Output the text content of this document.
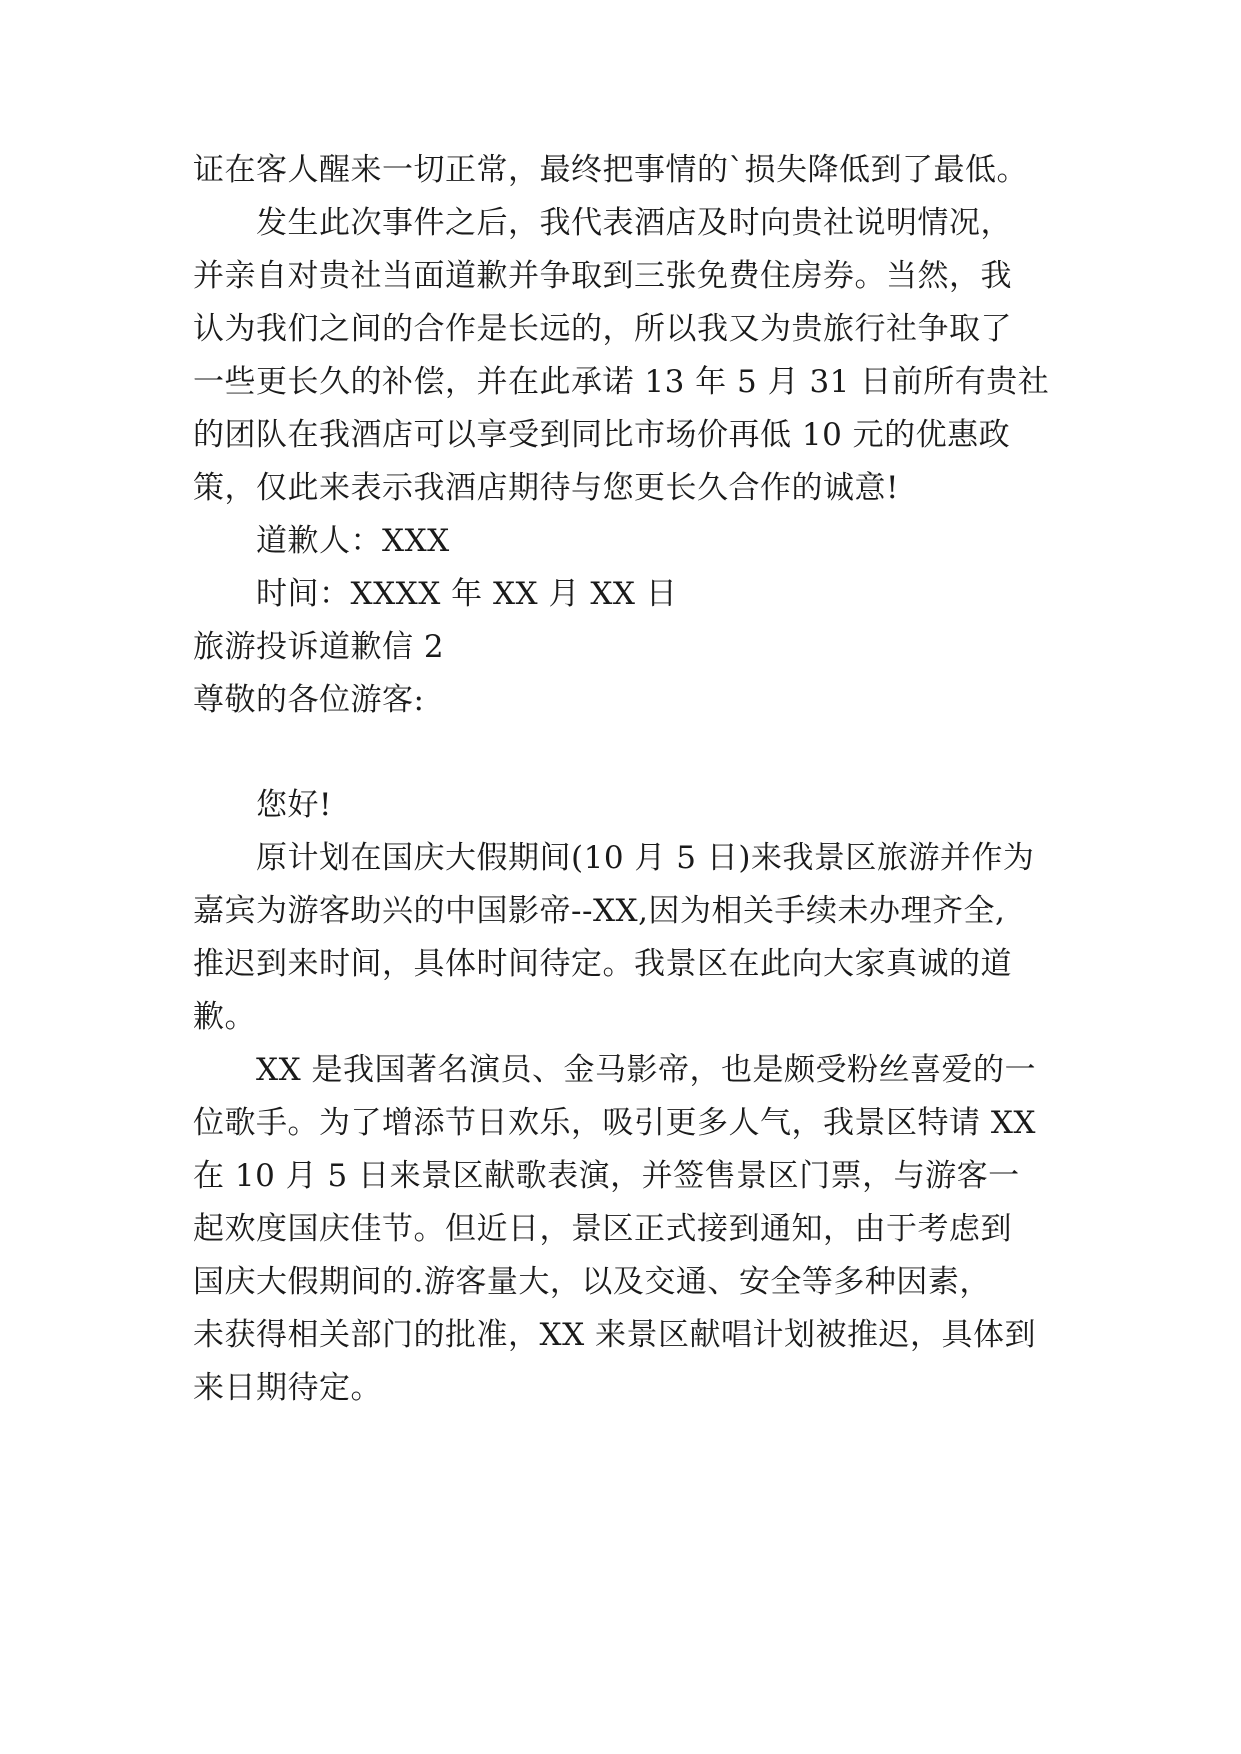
证在客人醒来一切正常，最终把事情的`损失降低到了最低。
发生此次事件之后，我代表酒店及时向贵社说明情况，
并亲自对贵社当面道歉并争取到三张免费住房券。当然，我
认为我们之间的合作是长远的，所以我又为贵旅行社争取了
一些更长久的补偿，并在此承诺 13 年 5 月 31 日前所有贵社
的团队在我酒店可以享受到同比市场价再低 10 元的优惠政
策，仅此来表示我酒店期待与您更长久合作的诚意!
道歉人：XXX
时间：XXXX 年 XX 月 XX 日
旅游投诉道歉信 2
尊敬的各位游客:
您好!
原计划在国庆大假期间(10 月 5 日)来我景区旅游并作为
嘉宾为游客助兴的中国影帝--XX,因为相关手续未办理齐全,
推迟到来时间，具体时间待定。我景区在此向大家真诚的道
歉。
XX 是我国著名演员、金马影帝，也是颇受粉丝喜爱的一
位歌手。为了增添节日欢乐，吸引更多人气，我景区特请 XX
在 10 月 5 日来景区献歌表演，并签售景区门票，与游客一
起欢度国庆佳节。但近日，景区正式接到通知，由于考虑到
国庆大假期间的.游客量大，以及交通、安全等多种因素，
未获得相关部门的批准，XX 来景区献唱计划被推迟，具体到
来日期待定。
